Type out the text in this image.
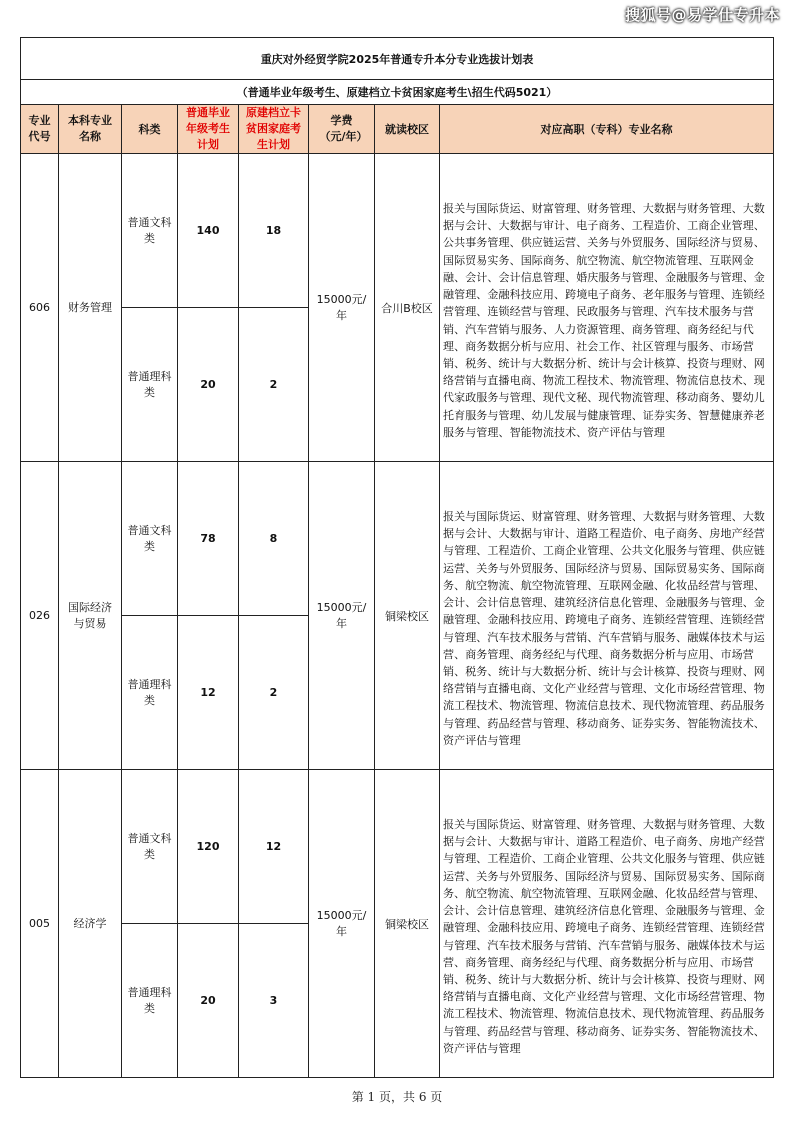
搜狐号@易学仕专升本
重庆对外经贸学院2025年普通专升本分专业选拔计划表							
（普通毕业年级考生、原建档立卡贫困家庭考生\招生代码5021）							
专业代号	本科专业名称	科类	普通毕业年级考生计划	原建档立卡贫困家庭考生计划	学费（元/年）	就读校区	对应高职（专科）专业名称
606	财务管理	普通文科类	140	18	15000元/年	合川B校区	报关与国际货运、财富管理、财务管理、大数据与财务管理、大数据与会计、大数据与审计、电子商务、工程造价、工商企业管理、公共事务管理、供应链运营、关务与外贸服务、国际经济与贸易、国际贸易实务、国际商务、航空物流、航空物流管理、互联网金融、会计、会计信息管理、婚庆服务与管理、金融服务与管理、金融管理、金融科技应用、跨境电子商务、老年服务与管理、连锁经营管理、连锁经营与管理、民政服务与管理、汽车技术服务与营销、汽车营销与服务、人力资源管理、商务管理、商务经纪与代理、商务数据分析与应用、社会工作、社区管理与服务、市场营销、税务、统计与大数据分析、统计与会计核算、投资与理财、网络营销与直播电商、物流工程技术、物流管理、物流信息技术、现代家政服务与管理、现代文秘、现代物流管理、移动商务、婴幼儿托育服务与管理、幼儿发展与健康管理、证券实务、智慧健康养老服务与管理、智能物流技术、资产评估与管理
		普通理科类	20	2			
026	国际经济与贸易	普通文科类	78	8	15000元/年	铜梁校区	报关与国际货运、财富管理、财务管理、大数据与财务管理、大数据与会计、大数据与审计、道路工程造价、电子商务、房地产经营与管理、工程造价、工商企业管理、公共文化服务与管理、供应链运营、关务与外贸服务、国际经济与贸易、国际贸易实务、国际商务、航空物流、航空物流管理、互联网金融、化妆品经营与管理、会计、会计信息管理、建筑经济信息化管理、金融服务与管理、金融管理、金融科技应用、跨境电子商务、连锁经营管理、连锁经营与管理、汽车技术服务与营销、汽车营销与服务、融媒体技术与运营、商务管理、商务经纪与代理、商务数据分析与应用、市场营销、税务、统计与大数据分析、统计与会计核算、投资与理财、网络营销与直播电商、文化产业经营与管理、文化市场经营管理、物流工程技术、物流管理、物流信息技术、现代物流管理、药品服务与管理、药品经营与管理、移动商务、证券实务、智能物流技术、资产评估与管理
		普通理科类	12	2			
005	经济学	普通文科类	120	12	15000元/年	铜梁校区	报关与国际货运、财富管理、财务管理、大数据与财务管理、大数据与会计、大数据与审计、道路工程造价、电子商务、房地产经营与管理、工程造价、工商企业管理、公共文化服务与管理、供应链运营、关务与外贸服务、国际经济与贸易、国际贸易实务、国际商务、航空物流、航空物流管理、互联网金融、化妆品经营与管理、会计、会计信息管理、建筑经济信息化管理、金融服务与管理、金融管理、金融科技应用、跨境电子商务、连锁经营管理、连锁经营与管理、汽车技术服务与营销、汽车营销与服务、融媒体技术与运营、商务管理、商务经纪与代理、商务数据分析与应用、市场营销、税务、统计与大数据分析、统计与会计核算、投资与理财、网络营销与直播电商、文化产业经营与管理、文化市场经营管理、物流工程技术、物流管理、物流信息技术、现代物流管理、药品服务与管理、药品经营与管理、移动商务、证券实务、智能物流技术、资产评估与管理
		普通理科类	20	3			
第 1 页，共 6 页
